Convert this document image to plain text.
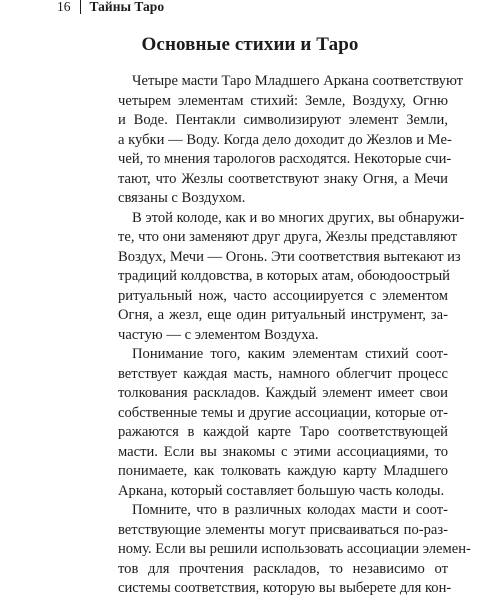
16 Тайны Таро
Основные стихии и Таро
Четыре масти Таро Младшего Аркана соответствуют
четырем элементам стихий: Земле, Воздуху, Огню
и Воде. Пентакли символизируют элемент Земли,
а кубки — Воду. Когда дело доходит до Жезлов и Ме-
чей, то мнения тарологов расходятся. Некоторые счи-
тают, что Жезлы соответствуют знаку Огня, а Мечи
связаны с Воздухом.
В этой колоде, как и во многих других, вы обнаружи-
те, что они заменяют друг друга, Жезлы представляют
Воздух, Мечи — Огонь. Эти соответствия вытекают из
традиций колдовства, в которых атам, обоюдоострый
ритуальный нож, часто ассоциируется с элементом
Огня, а жезл, еще один ритуальный инструмент, за-
частую — с элементом Воздуха.
Понимание того, каким элементам стихий соот-
ветствует каждая масть, намного облегчит процесс
толкования раскладов. Каждый элемент имеет свои
собственные темы и другие ассоциации, которые от-
ражаются в каждой карте Таро соответствующей
масти. Если вы знакомы с этими ассоциациями, то
понимаете, как толковать каждую карту Младшего
Аркана, который составляет большую часть колоды.
Помните, что в различных колодах масти и соот-
ветствующие элементы могут присваиваться по-раз-
ному. Если вы решили использовать ассоциации элемен-
тов для прочтения раскладов, то независимо от
системы соответствия, которую вы выберете для кон-
